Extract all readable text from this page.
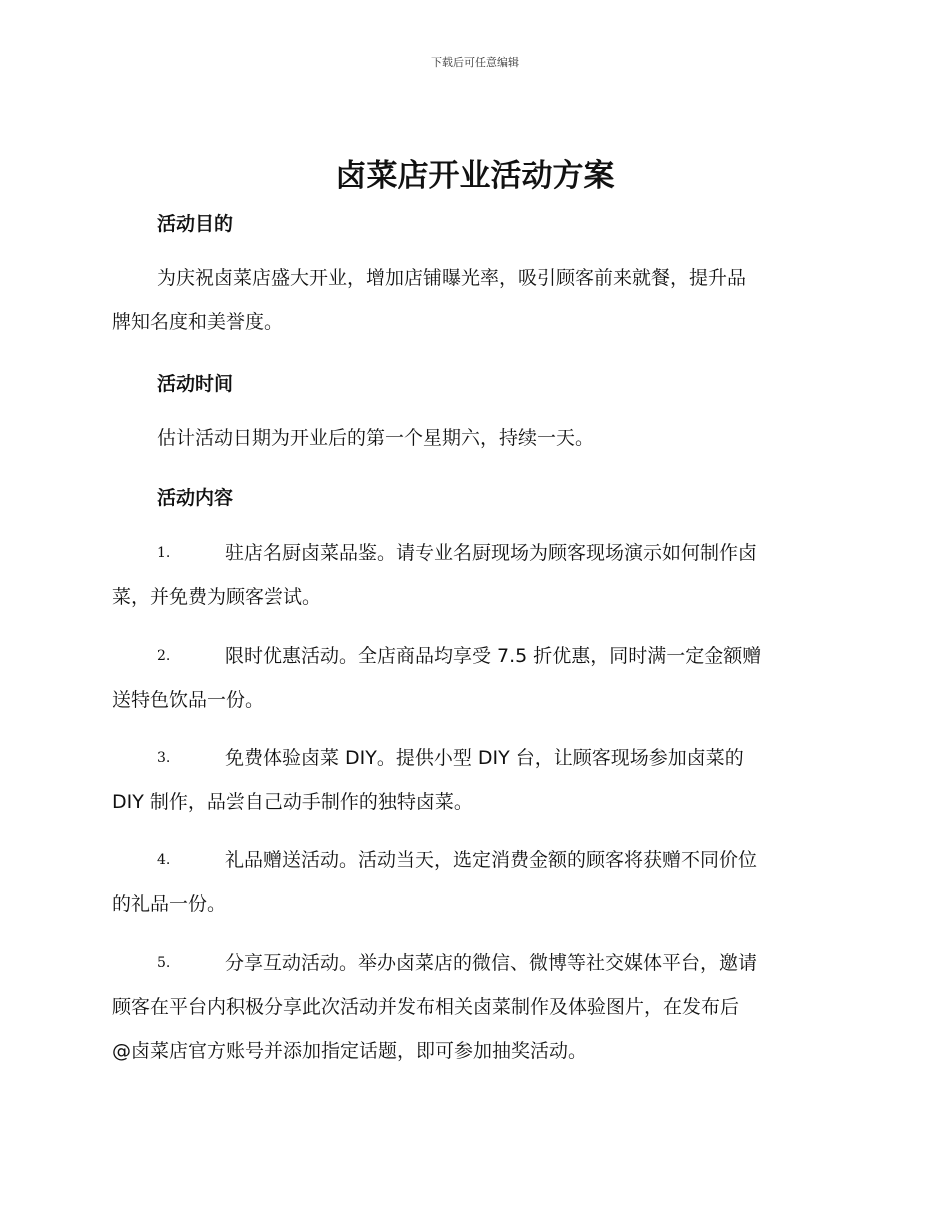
下载后可任意编辑
卤菜店开业活动方案
活动目的
为庆祝卤菜店盛大开业，增加店铺曝光率，吸引顾客前来就餐，提升品
牌知名度和美誉度。
活动时间
估计活动日期为开业后的第一个星期六，持续一天。
活动内容
1.	驻店名厨卤菜品鉴。请专业名厨现场为顾客现场演示如何制作卤
菜，并免费为顾客尝试。
2.	限时优惠活动。全店商品均享受 7.5 折优惠，同时满一定金额赠
送特色饮品一份。
3.	免费体验卤菜 DIY。提供小型 DIY 台，让顾客现场参加卤菜的
DIY 制作，品尝自己动手制作的独特卤菜。
4.	礼品赠送活动。活动当天，选定消费金额的顾客将获赠不同价位
的礼品一份。
5.	分享互动活动。举办卤菜店的微信、微博等社交媒体平台，邀请
顾客在平台内积极分享此次活动并发布相关卤菜制作及体验图片，在发布后
@卤菜店官方账号并添加指定话题，即可参加抽奖活动。
